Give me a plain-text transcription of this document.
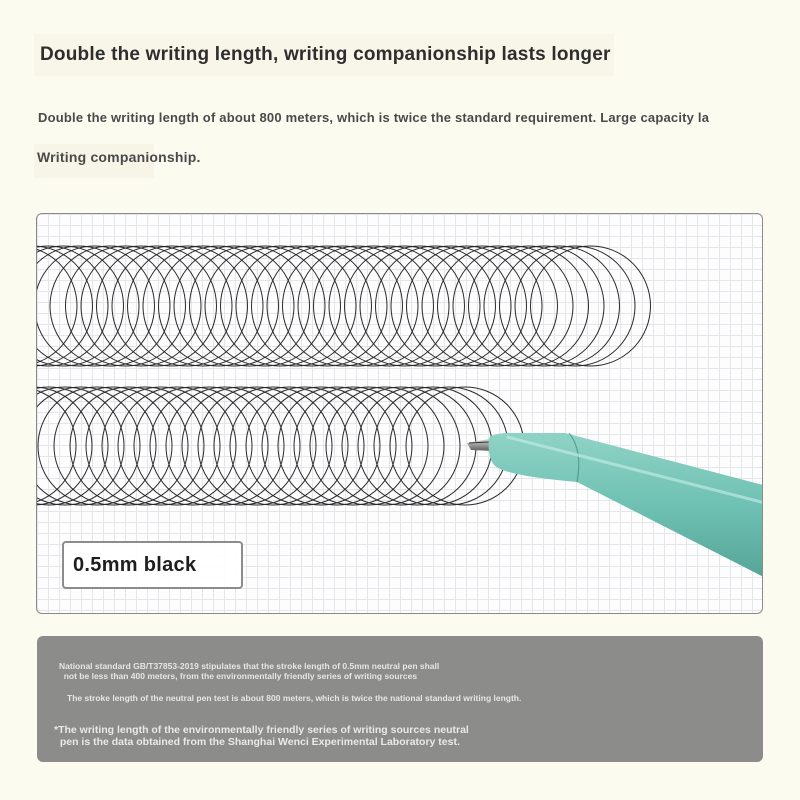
Double the writing length, writing companionship lasts longer
Double the writing length of about 800 meters, which is twice the standard requirement. Large capacity la
Writing companionship.
0.5mm black
National standard GB/T37853-2019 stipulates that the stroke length of 0.5mm neutral pen shall
not be less than 400 meters, from the environmentally friendly series of writing sources
The stroke length of the neutral pen test is about 800 meters, which is twice the national standard writing length.
*The writing length of the environmentally friendly series of writing sources neutral
pen is the data obtained from the Shanghai Wenci Experimental Laboratory test.
